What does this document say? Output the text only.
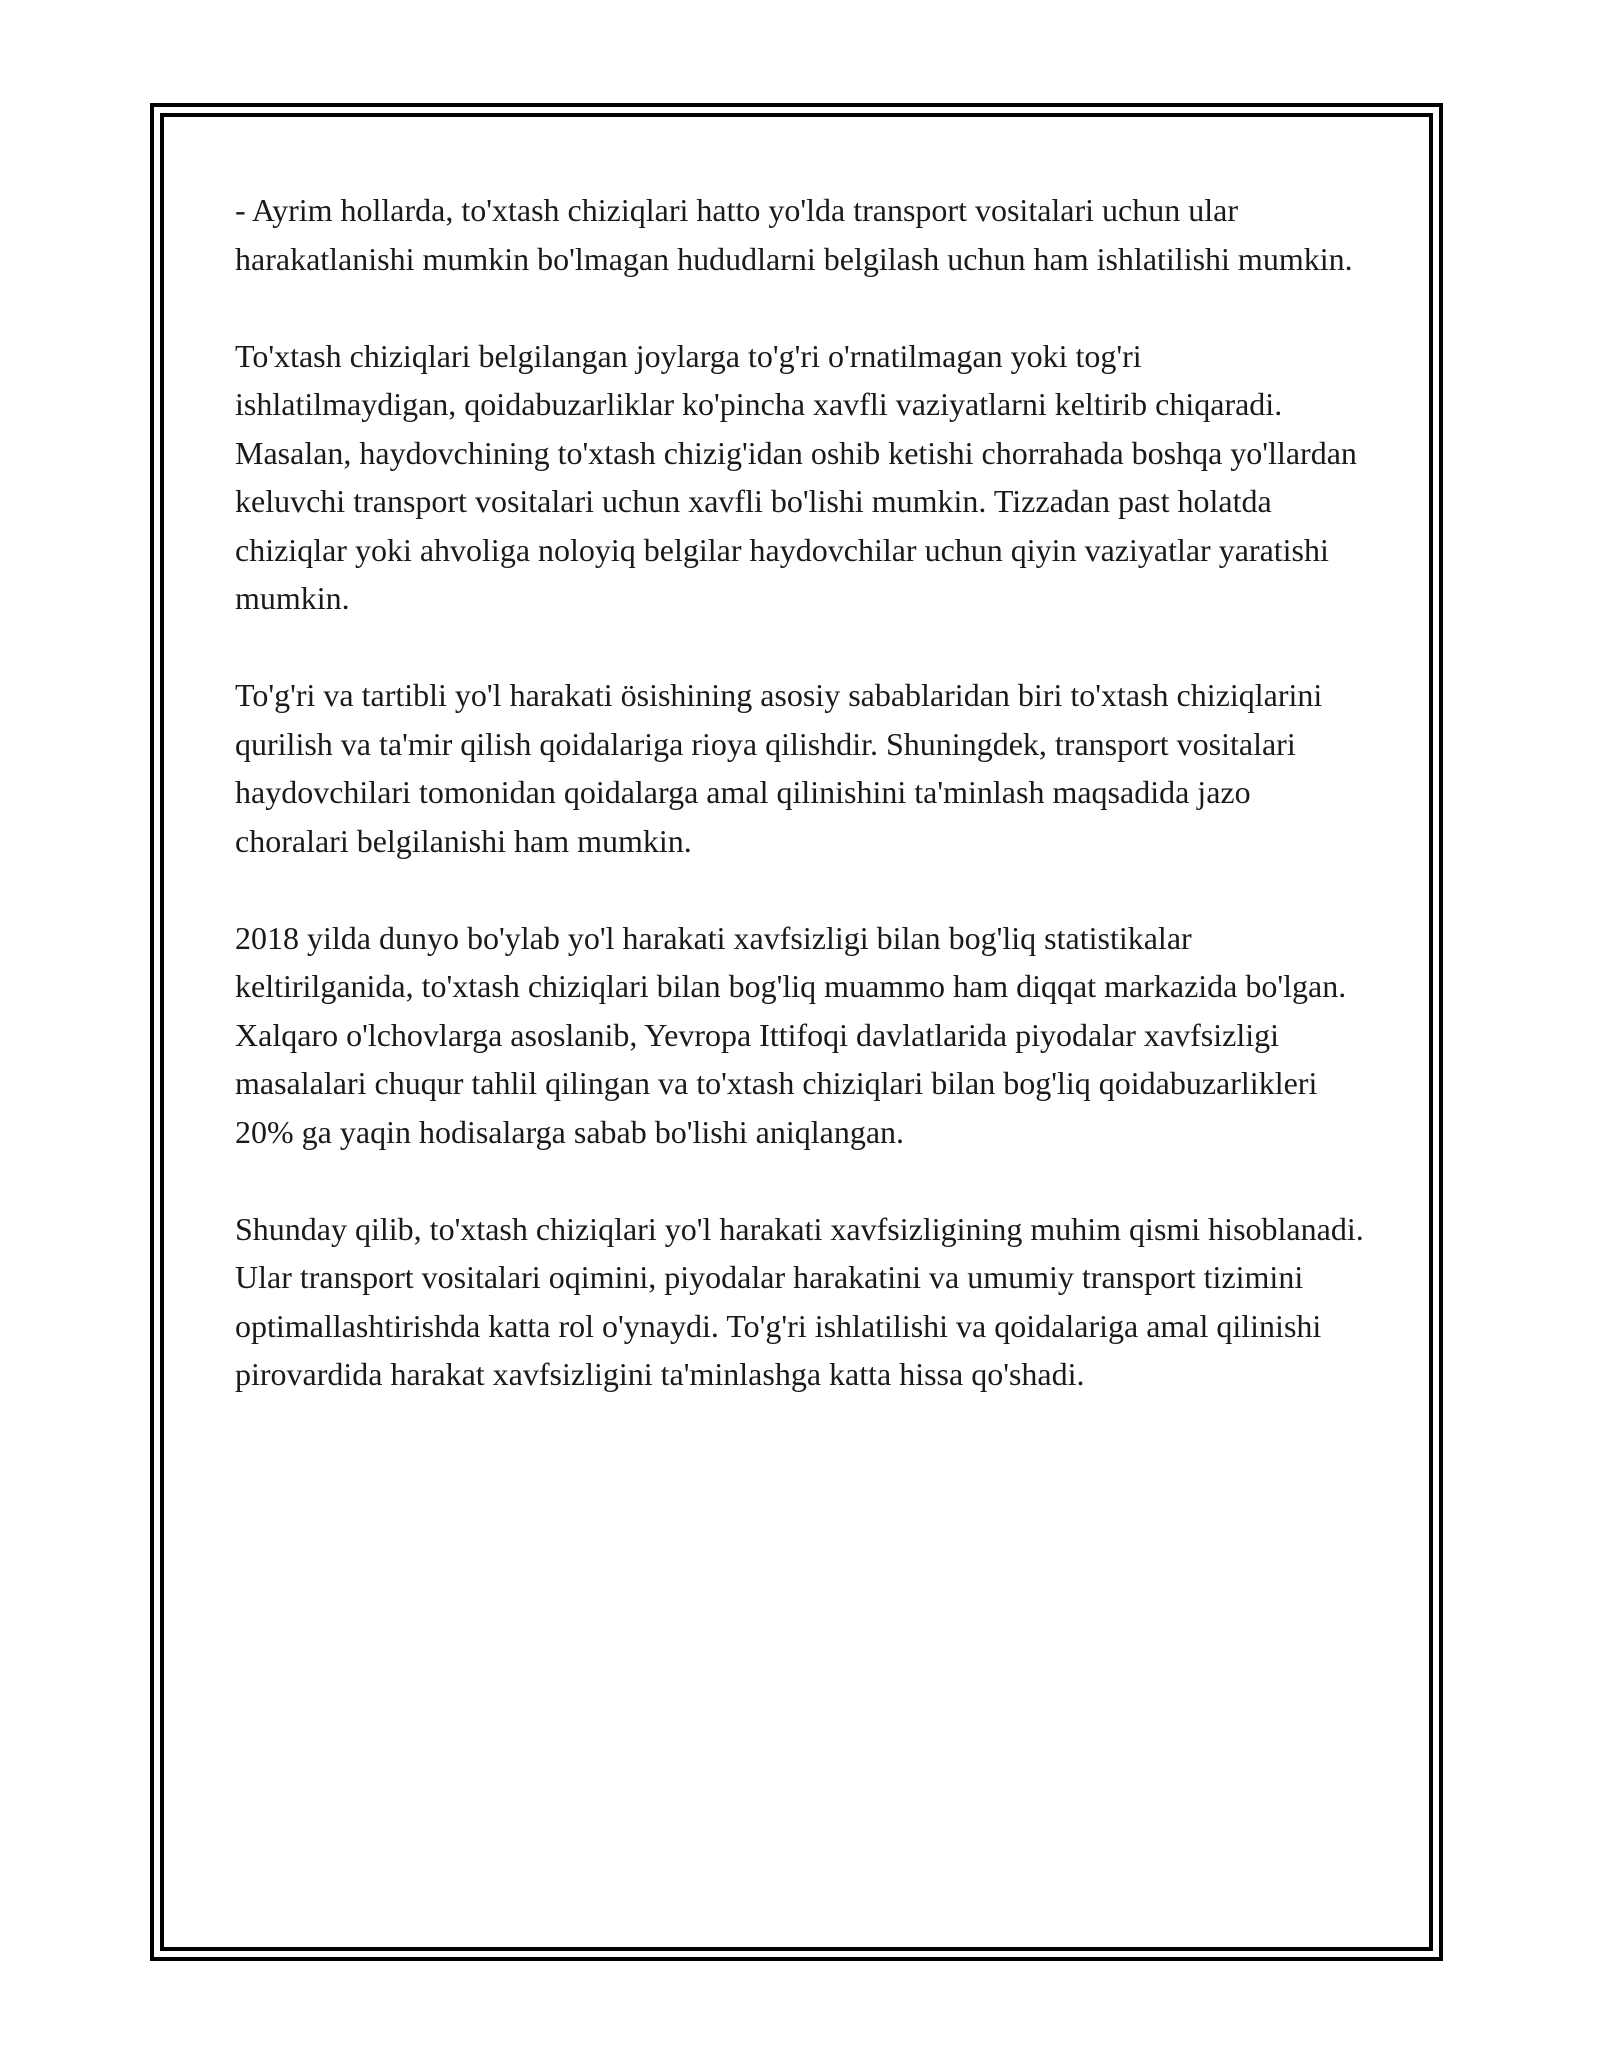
- Ayrim hollarda, to'xtash chiziqlari hatto yo'lda transport vositalari uchun ular harakatlanishi mumkin bo'lmagan hududlarni belgilash uchun ham ishlatilishi mumkin.

To'xtash chiziqlari belgilangan joylarga to'g'ri o'rnatilmagan yoki tog'ri ishlatilmaydigan, qoidabuzarliklar ko'pincha xavfli vaziyatlarni keltirib chiqaradi. Masalan, haydovchining to'xtash chizig'idan oshib ketishi chorrahada boshqa yo'llardan keluvchi transport vositalari uchun xavfli bo'lishi mumkin. Tizzadan past holatda chiziqlar yoki ahvoliga noloyiq belgilar haydovchilar uchun qiyin vaziyatlar yaratishi mumkin.

To'g'ri va tartibli yo'l harakati ösishining asosiy sabablaridan biri to'xtash chiziqlarini qurilish va ta'mir qilish qoidalariga rioya qilishdir. Shuningdek, transport vositalari haydovchilari tomonidan qoidalarga amal qilinishini ta'minlash maqsadida jazo choralari belgilanishi ham mumkin.

2018 yilda dunyo bo'ylab yo'l harakati xavfsizligi bilan bog'liq statistikalar keltirilganida, to'xtash chiziqlari bilan bog'liq muammo ham diqqat markazida bo'lgan. Xalqaro o'lchovlarga asoslanib, Yevropa Ittifoqi davlatlarida piyodalar xavfsizligi masalalari chuqur tahlil qilingan va to'xtash chiziqlari bilan bog'liq qoidabuzarlikleri 20% ga yaqin hodisalarga sabab bo'lishi aniqlangan.

Shunday qilib, to'xtash chiziqlari yo'l harakati xavfsizligining muhim qismi hisoblanadi. Ular transport vositalari oqimini, piyodalar harakatini va umumiy transport tizimini optimallashtirishda katta rol o'ynaydi. To'g'ri ishlatilishi va qoidalariga amal qilinishi pirovardida harakat xavfsizligini ta'minlashga katta hissa qo'shadi.
